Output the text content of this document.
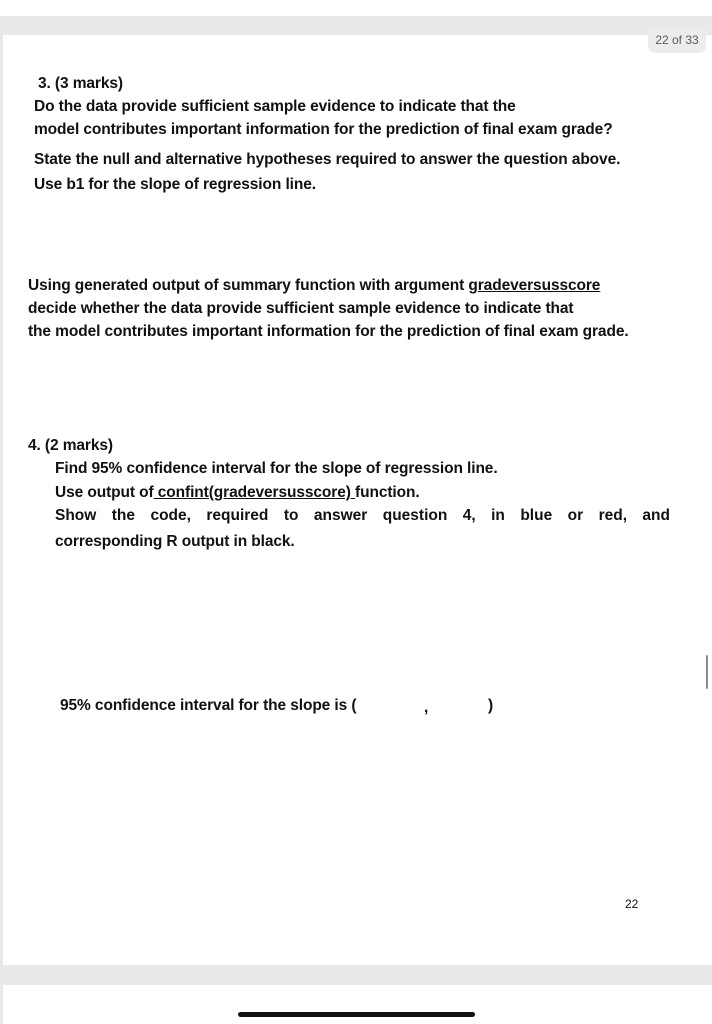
3. (3 marks)
Do the data provide sufficient sample evidence to indicate that the
model contributes important information for the prediction of final exam grade?
State the null and alternative hypotheses required to answer the question above.
Use b1 for the slope of regression line.
Using generated output of summary function with argument gradeversusscore
decide whether the data provide sufficient sample evidence to indicate that
the model contributes important information for the prediction of final exam grade.
4. (2 marks)
Find 95% confidence interval for the slope of regression line.
Use output of confint(gradeversusscore) function.
Show the code, required to answer question 4, in blue or red, and
corresponding R output in black.
95% confidence interval for the slope is (	,	)
22
22 of 33
